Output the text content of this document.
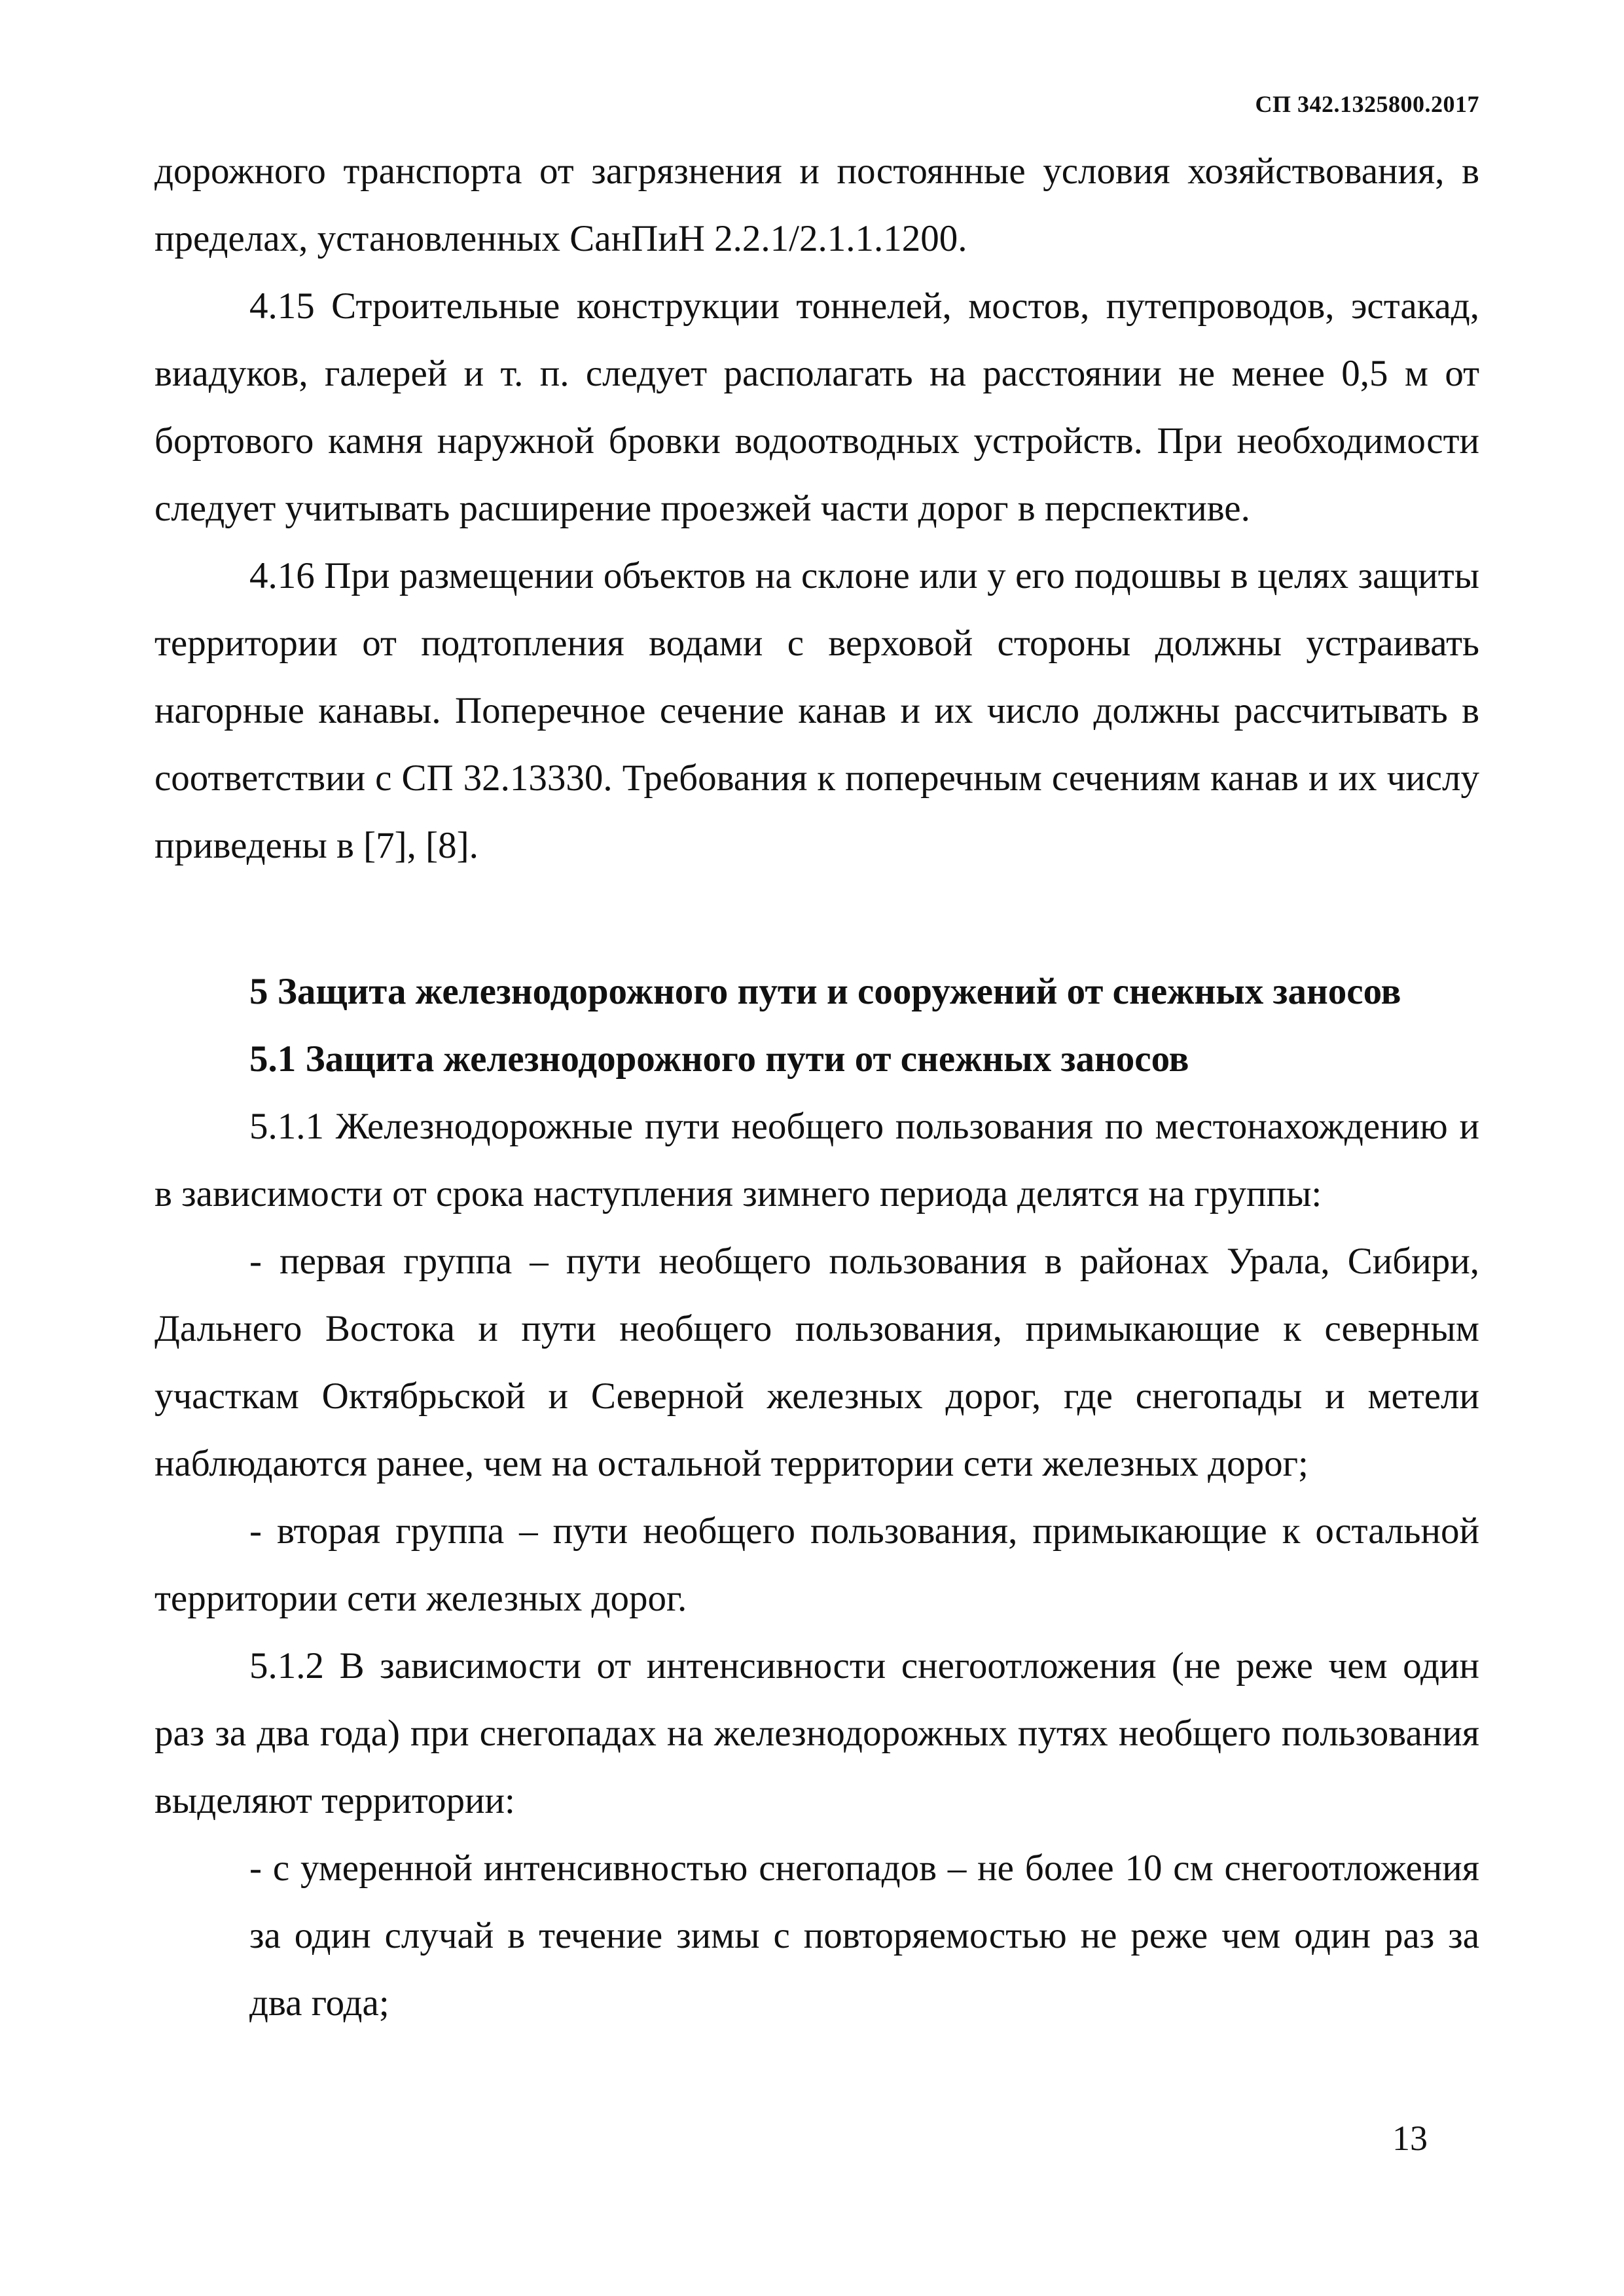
СП 342.1325800.2017

дорожного транспорта от загрязнения и постоянные условия хозяйствования, в пределах, установленных СанПиН 2.2.1/2.1.1.1200.

4.15 Строительные конструкции тоннелей, мостов, путепроводов, эстакад, виадуков, галерей и т. п. следует располагать на расстоянии не менее 0,5 м от бортового камня наружной бровки водоотводных устройств. При необходимости следует учитывать расширение проезжей части дорог в перспективе.

4.16 При размещении объектов на склоне или у его подошвы в целях защиты территории от подтопления водами с верховой стороны должны устраивать нагорные канавы. Поперечное сечение канав и их число должны рассчитывать в соответствии с СП 32.13330. Требования к поперечным сечениям канав и их числу приведены в [7], [8].

5 Защита железнодорожного пути и сооружений от снежных заносов

5.1 Защита железнодорожного пути от снежных заносов

5.1.1 Железнодорожные пути необщего пользования по местонахождению и в зависимости от срока наступления зимнего периода делятся на группы:

- первая группа – пути необщего пользования в районах Урала, Сибири, Дальнего Востока и пути необщего пользования, примыкающие к северным участкам Октябрьской и Северной железных дорог, где снегопады и метели наблюдаются ранее, чем на остальной территории сети железных дорог;

- вторая группа – пути необщего пользования, примыкающие к остальной территории сети железных дорог.

5.1.2 В зависимости от интенсивности снегоотложения (не реже чем один раз за два года) при снегопадах на железнодорожных путях необщего пользования выделяют территории:

- с умеренной интенсивностью снегопадов – не более 10 см снегоотложения за один случай в течение зимы с повторяемостью не реже чем один раз за два года;

13
